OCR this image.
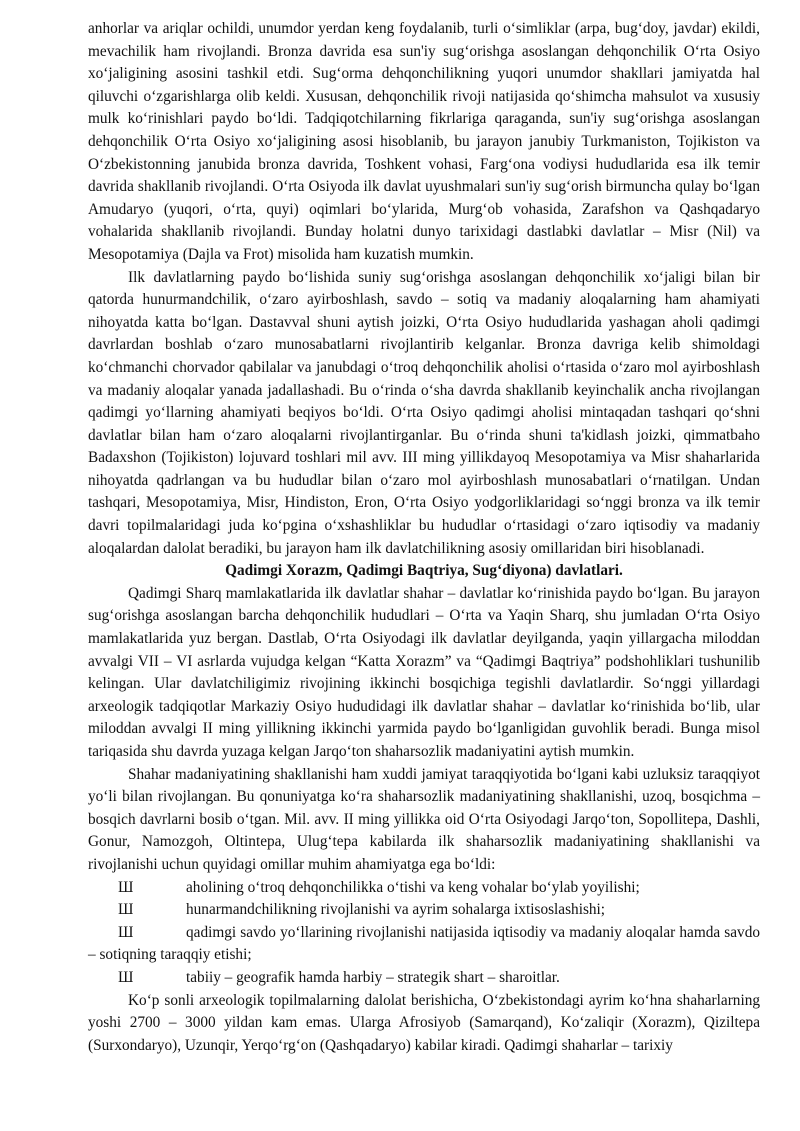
anhorlar va ariqlar ochildi, unumdor yerdan keng foydalanib, turli oʻsimliklar (arpa, bugʻdoy, javdar) ekildi, mevachilik ham rivojlandi. Bronza davrida esa sun'iy sugʻorishga asoslangan dehqonchilik Oʻrta Osiyo xoʻjaligining asosini tashkil etdi. Sugʻorma dehqonchilikning yuqori unumdor shakllari jamiyatda hal qiluvchi oʻzgarishlarga olib keldi. Xususan, dehqonchilik rivoji natijasida qoʻshimcha mahsulot va xususiy mulk koʻrinishlari paydo boʻldi. Tadqiqotchilarning fikrlariga qaraganda, sun'iy sugʻorishga asoslangan dehqonchilik Oʻrta Osiyo xoʻjaligining asosi hisoblanib, bu jarayon janubiy Turkmaniston, Tojikiston va Oʻzbekistonning janubida bronza davrida, Toshkent vohasi, Fargʻona vodiysi hududlarida esa ilk temir davrida shakllanib rivojlandi. Oʻrta Osiyoda ilk davlat uyushmalari sun'iy sugʻorish birmuncha qulay boʻlgan Amudaryo (yuqori, oʻrta, quyi) oqimlari boʻylarida, Murgʻob vohasida, Zarafshon va Qashqadaryo vohalarida shakllanib rivojlandi. Bunday holatni dunyo tarixidagi dastlabki davlatlar – Misr (Nil) va Mesopotamiya (Dajla va Frot) misolida ham kuzatish mumkin.

Ilk davlatlarning paydo boʻlishida suniy sugʻorishga asoslangan dehqonchilik xoʻjaligi bilan bir qatorda hunurmandchilik, oʻzaro ayirboshlash, savdo – sotiq va madaniy aloqalarning ham ahamiyati nihoyatda katta boʻlgan. Dastavval shuni aytish joizki, Oʻrta Osiyo hududlarida yashagan aholi qadimgi davrlardan boshlab oʻzaro munosabatlarni rivojlantirib kelganlar. Bronza davriga kelib shimoldagi koʻchmanchi chorvador qabilalar va janubdagi oʻtroq dehqonchilik aholisi oʻrtasida oʻzaro mol ayirboshlash va madaniy aloqalar yanada jadallashadi. Bu oʻrinda oʻsha davrda shakllanib keyinchalik ancha rivojlangan qadimgi yoʻllarning ahamiyati beqiyos boʻldi. Oʻrta Osiyo qadimgi aholisi mintaqadan tashqari qoʻshni davlatlar bilan ham oʻzaro aloqalarni rivojlantirganlar. Bu oʻrinda shuni ta'kidlash joizki, qimmatbaho Badaxshon (Tojikiston) lojuvard toshlari mil avv. III ming yillikdayoq Mesopotamiya va Misr shaharlarida nihoyatda qadrlangan va bu hududlar bilan oʻzaro mol ayirboshlash munosabatlari oʻrnatilgan. Undan tashqari, Mesopotamiya, Misr, Hindiston, Eron, Oʻrta Osiyo yodgorliklaridagi soʻnggi bronza va ilk temir davri topilmalaridagi juda koʻpgina oʻxshashliklar bu hududlar oʻrtasidagi oʻzaro iqtisodiy va madaniy aloqalardan dalolat beradiki, bu jarayon ham ilk davlatchilikning asosiy omillaridan biri hisoblanadi.

Qadimgi Xorazm, Qadimgi Baqtriya, Sugʻdiyona) davlatlari.

Qadimgi Sharq mamlakatlarida ilk davlatlar shahar – davlatlar koʻrinishida paydo boʻlgan. Bu jarayon sugʻorishga asoslangan barcha dehqonchilik hududlari – Oʻrta va Yaqin Sharq, shu jumladan Oʻrta Osiyo mamlakatlarida yuz bergan. Dastlab, Oʻrta Osiyodagi ilk davlatlar deyilganda, yaqin yillargacha miloddan avvalgi VII – VI asrlarda vujudga kelgan “Katta Xorazm” va “Qadimgi Baqtriya” podshohliklari tushunilib kelingan. Ular davlatchiligimiz rivojining ikkinchi bosqichiga tegishli davlatlardir. Soʻnggi yillardagi arxeologik tadqiqotlar Markaziy Osiyo hududidagi ilk davlatlar shahar – davlatlar koʻrinishida boʻlib, ular miloddan avvalgi II ming yillikning ikkinchi yarmida paydo boʻlganligidan guvohlik beradi. Bunga misol tariqasida shu davrda yuzaga kelgan Jarqoʻton shaharsozlik madaniyatini aytish mumkin.

Shahar madaniyatining shakllanishi ham xuddi jamiyat taraqqiyotida boʻlgani kabi uzluksiz taraqqiyot yoʻli bilan rivojlangan. Bu qonuniyatga koʻra shaharsozlik madaniyatining shakllanishi, uzoq, bosqichma – bosqich davrlarni bosib oʻtgan. Mil. avv. II ming yillikka oid Oʻrta Osiyodagi Jarqoʻton, Sopollitepa, Dashli, Gonur, Namozgoh, Oltintepa, Ulugʻtepa kabilarda ilk shaharsozlik madaniyatining shakllanishi va rivojlanishi uchun quyidagi omillar muhim ahamiyatga ega boʻldi:

Ш	aholining oʻtroq dehqonchilikka oʻtishi va keng vohalar boʻylab yoyilishi;

Ш	hunarmandchilikning rivojlanishi va ayrim sohalarga ixtisoslashishi;

Ш	qadimgi savdo yoʻllarining rivojlanishi natijasida iqtisodiy va madaniy aloqalar hamda savdo – sotiqning taraqqiy etishi;

Ш	tabiiy – geografik hamda harbiy – strategik shart – sharoitlar.

Koʻp sonli arxeologik topilmalarning dalolat berishicha, Oʻzbekistondagi ayrim koʻhna shaharlarning yoshi 2700 – 3000 yildan kam emas. Ularga Afrosiyob (Samarqand), Koʻzaliqir (Xorazm), Qiziltepa (Surxondaryo), Uzunqir, Yerqoʻrgʻon (Qashqadaryo) kabilar kiradi. Qadimgi shaharlar – tarixiy
